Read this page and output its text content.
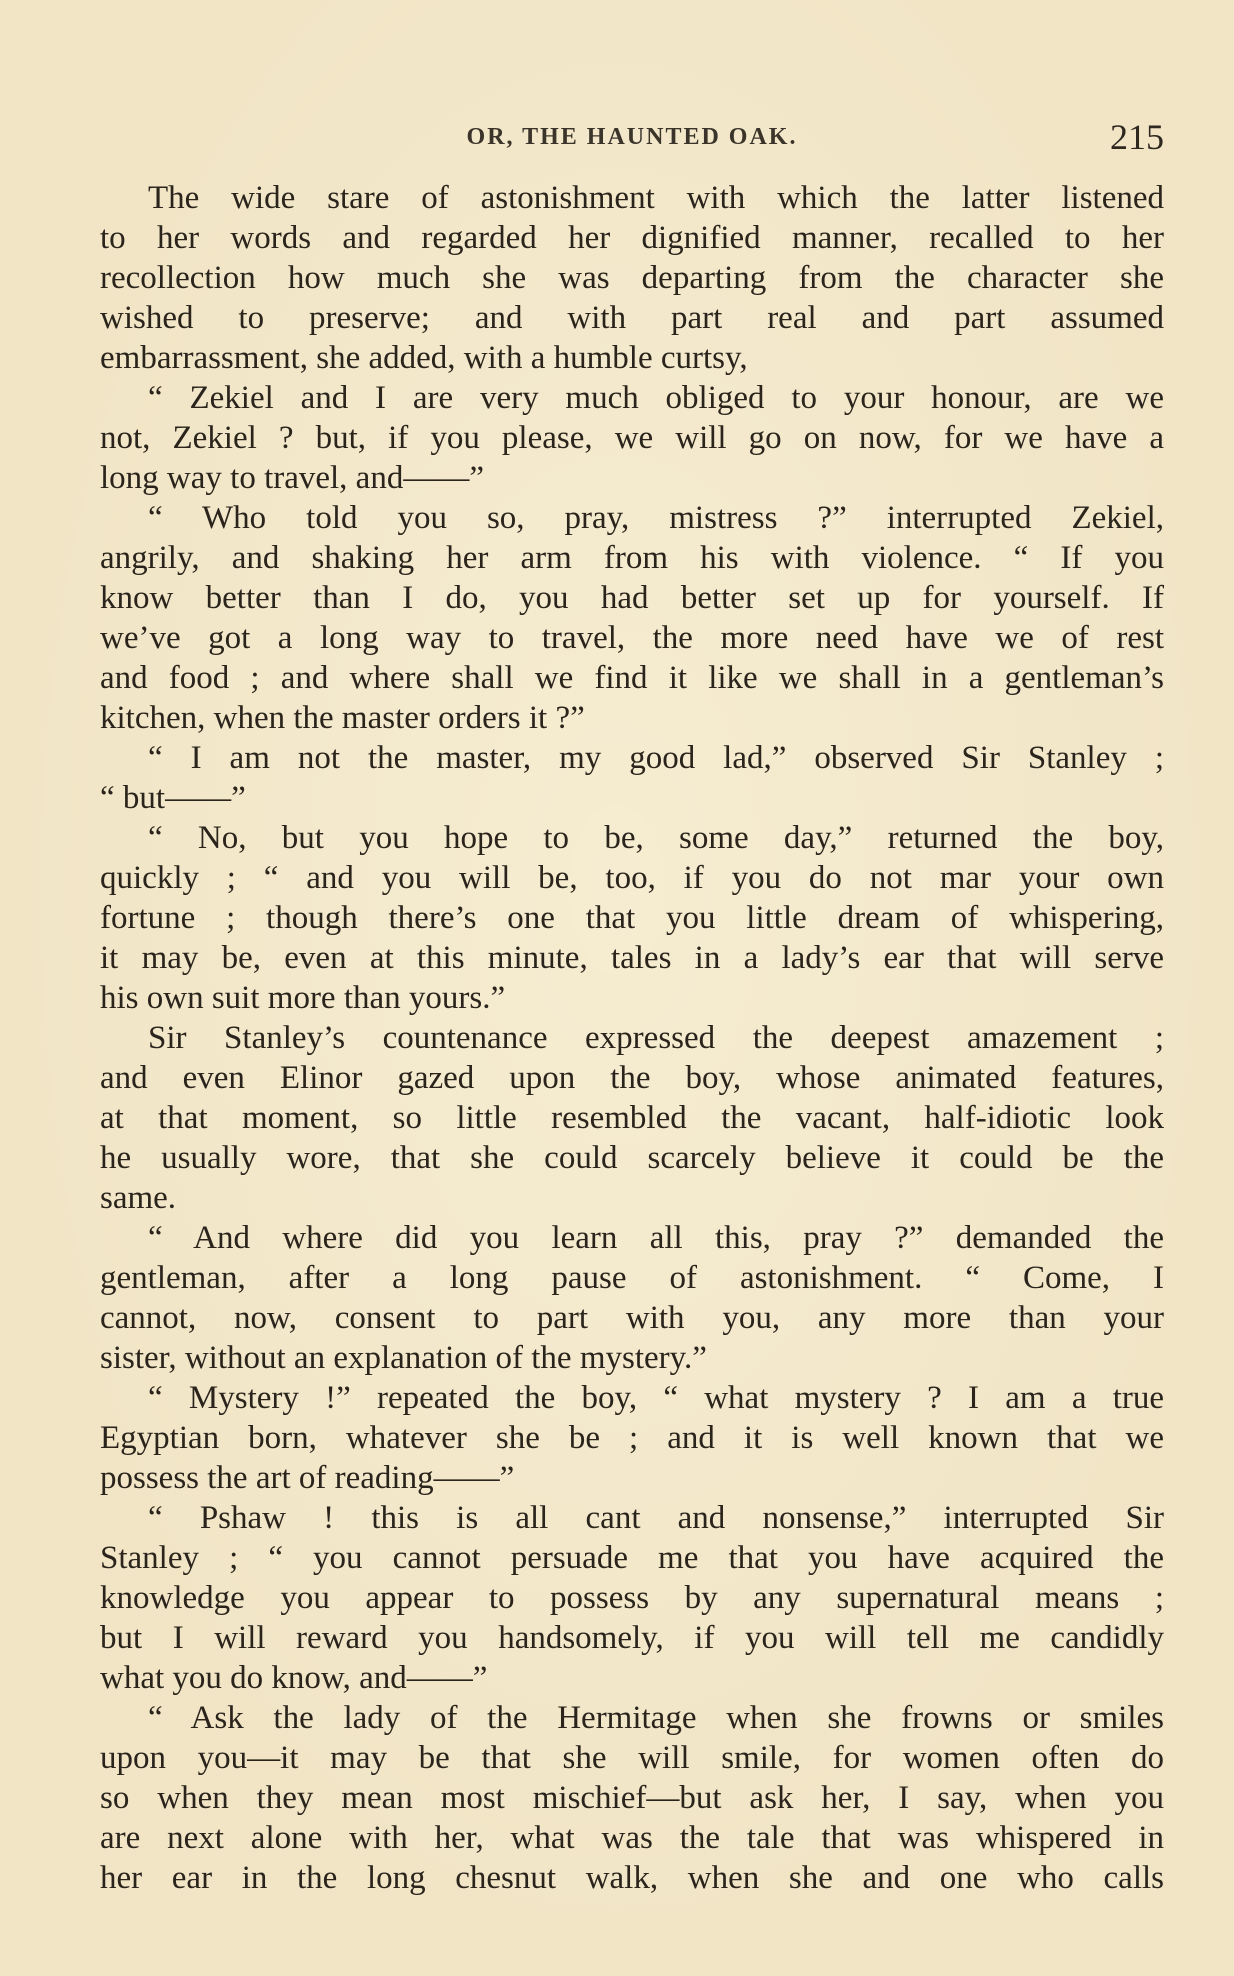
OR, THE HAUNTED OAK.	215
The wide stare of astonishment with which the latter listened
to her words and regarded her dignified manner, recalled to her
recollection how much she was departing from the character she
wished to preserve; and with part real and part assumed
embarrassment, she added, with a humble curtsy,
“ Zekiel and I are very much obliged to your honour, are we
not, Zekiel ? but, if you please, we will go on now, for we have a
long way to travel, and——”
“ Who told you so, pray, mistress ?” interrupted Zekiel,
angrily, and shaking her arm from his with violence. “ If you
know better than I do, you had better set up for yourself. If
we’ve got a long way to travel, the more need have we of rest
and food ; and where shall we find it like we shall in a gentleman’s
kitchen, when the master orders it ?”
“ I am not the master, my good lad,” observed Sir Stanley ;
“ but——”
“ No, but you hope to be, some day,” returned the boy,
quickly ; “ and you will be, too, if you do not mar your own
fortune ; though there’s one that you little dream of whispering,
it may be, even at this minute, tales in a lady’s ear that will serve
his own suit more than yours.”
Sir Stanley’s countenance expressed the deepest amazement ;
and even Elinor gazed upon the boy, whose animated features,
at that moment, so little resembled the vacant, half-idiotic look
he usually wore, that she could scarcely believe it could be the
same.
“ And where did you learn all this, pray ?” demanded the
gentleman, after a long pause of astonishment. “ Come, I
cannot, now, consent to part with you, any more than your
sister, without an explanation of the mystery.”
“ Mystery !” repeated the boy, “ what mystery ? I am a true
Egyptian born, whatever she be ; and it is well known that we
possess the art of reading——”
“ Pshaw ! this is all cant and nonsense,” interrupted Sir
Stanley ; “ you cannot persuade me that you have acquired the
knowledge you appear to possess by any supernatural means ;
but I will reward you handsomely, if you will tell me candidly
what you do know, and——”
“ Ask the lady of the Hermitage when she frowns or smiles
upon you—it may be that she will smile, for women often do
so when they mean most mischief—but ask her, I say, when you
are next alone with her, what was the tale that was whispered in
her ear in the long chesnut walk, when she and one who calls
